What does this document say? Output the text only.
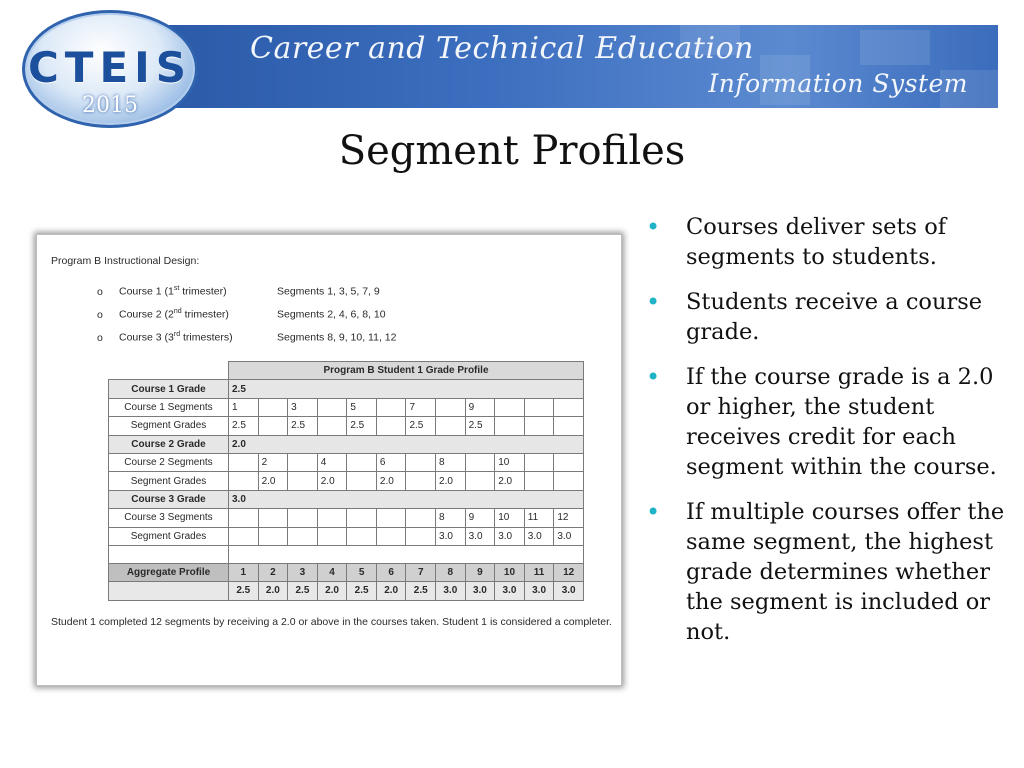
Career and Technical Education
Information System
CTEIS
2015
Segment Profiles
Program B Instructional Design:
o Course 1 (1st trimester)	Segments 1, 3, 5, 7, 9
o Course 2 (2nd trimester)	Segments 2, 4, 6, 8, 10
o Course 3 (3rd trimesters)	Segments 8, 9, 10, 11, 12
	Program B Student 1 Grade Profile											
Course 1 Grade	2.5											
Course 1 Segments	1		3		5		7		9			
Segment Grades	2.5		2.5		2.5		2.5		2.5			
Course 2 Grade	2.0											
Course 2 Segments		2		4		6		8		10		
Segment Grades		2.0		2.0		2.0		2.0		2.0		
Course 3 Grade	3.0											
Course 3 Segments								8	9	10	11	12
Segment Grades								3.0	3.0	3.0	3.0	3.0

Aggregate Profile	1	2	3	4	5	6	7	8	9	10	11	12
	2.5	2.0	2.5	2.0	2.5	2.0	2.5	3.0	3.0	3.0	3.0	3.0
Student 1 completed 12 segments by receiving a 2.0 or above in the courses taken. Student 1 is considered a completer.
• Courses deliver sets of segments to students.
• Students receive a course grade.
• If the course grade is a 2.0 or higher, the student receives credit for each segment within the course.
• If multiple courses offer the same segment, the highest grade determines whether the segment is included or not.
